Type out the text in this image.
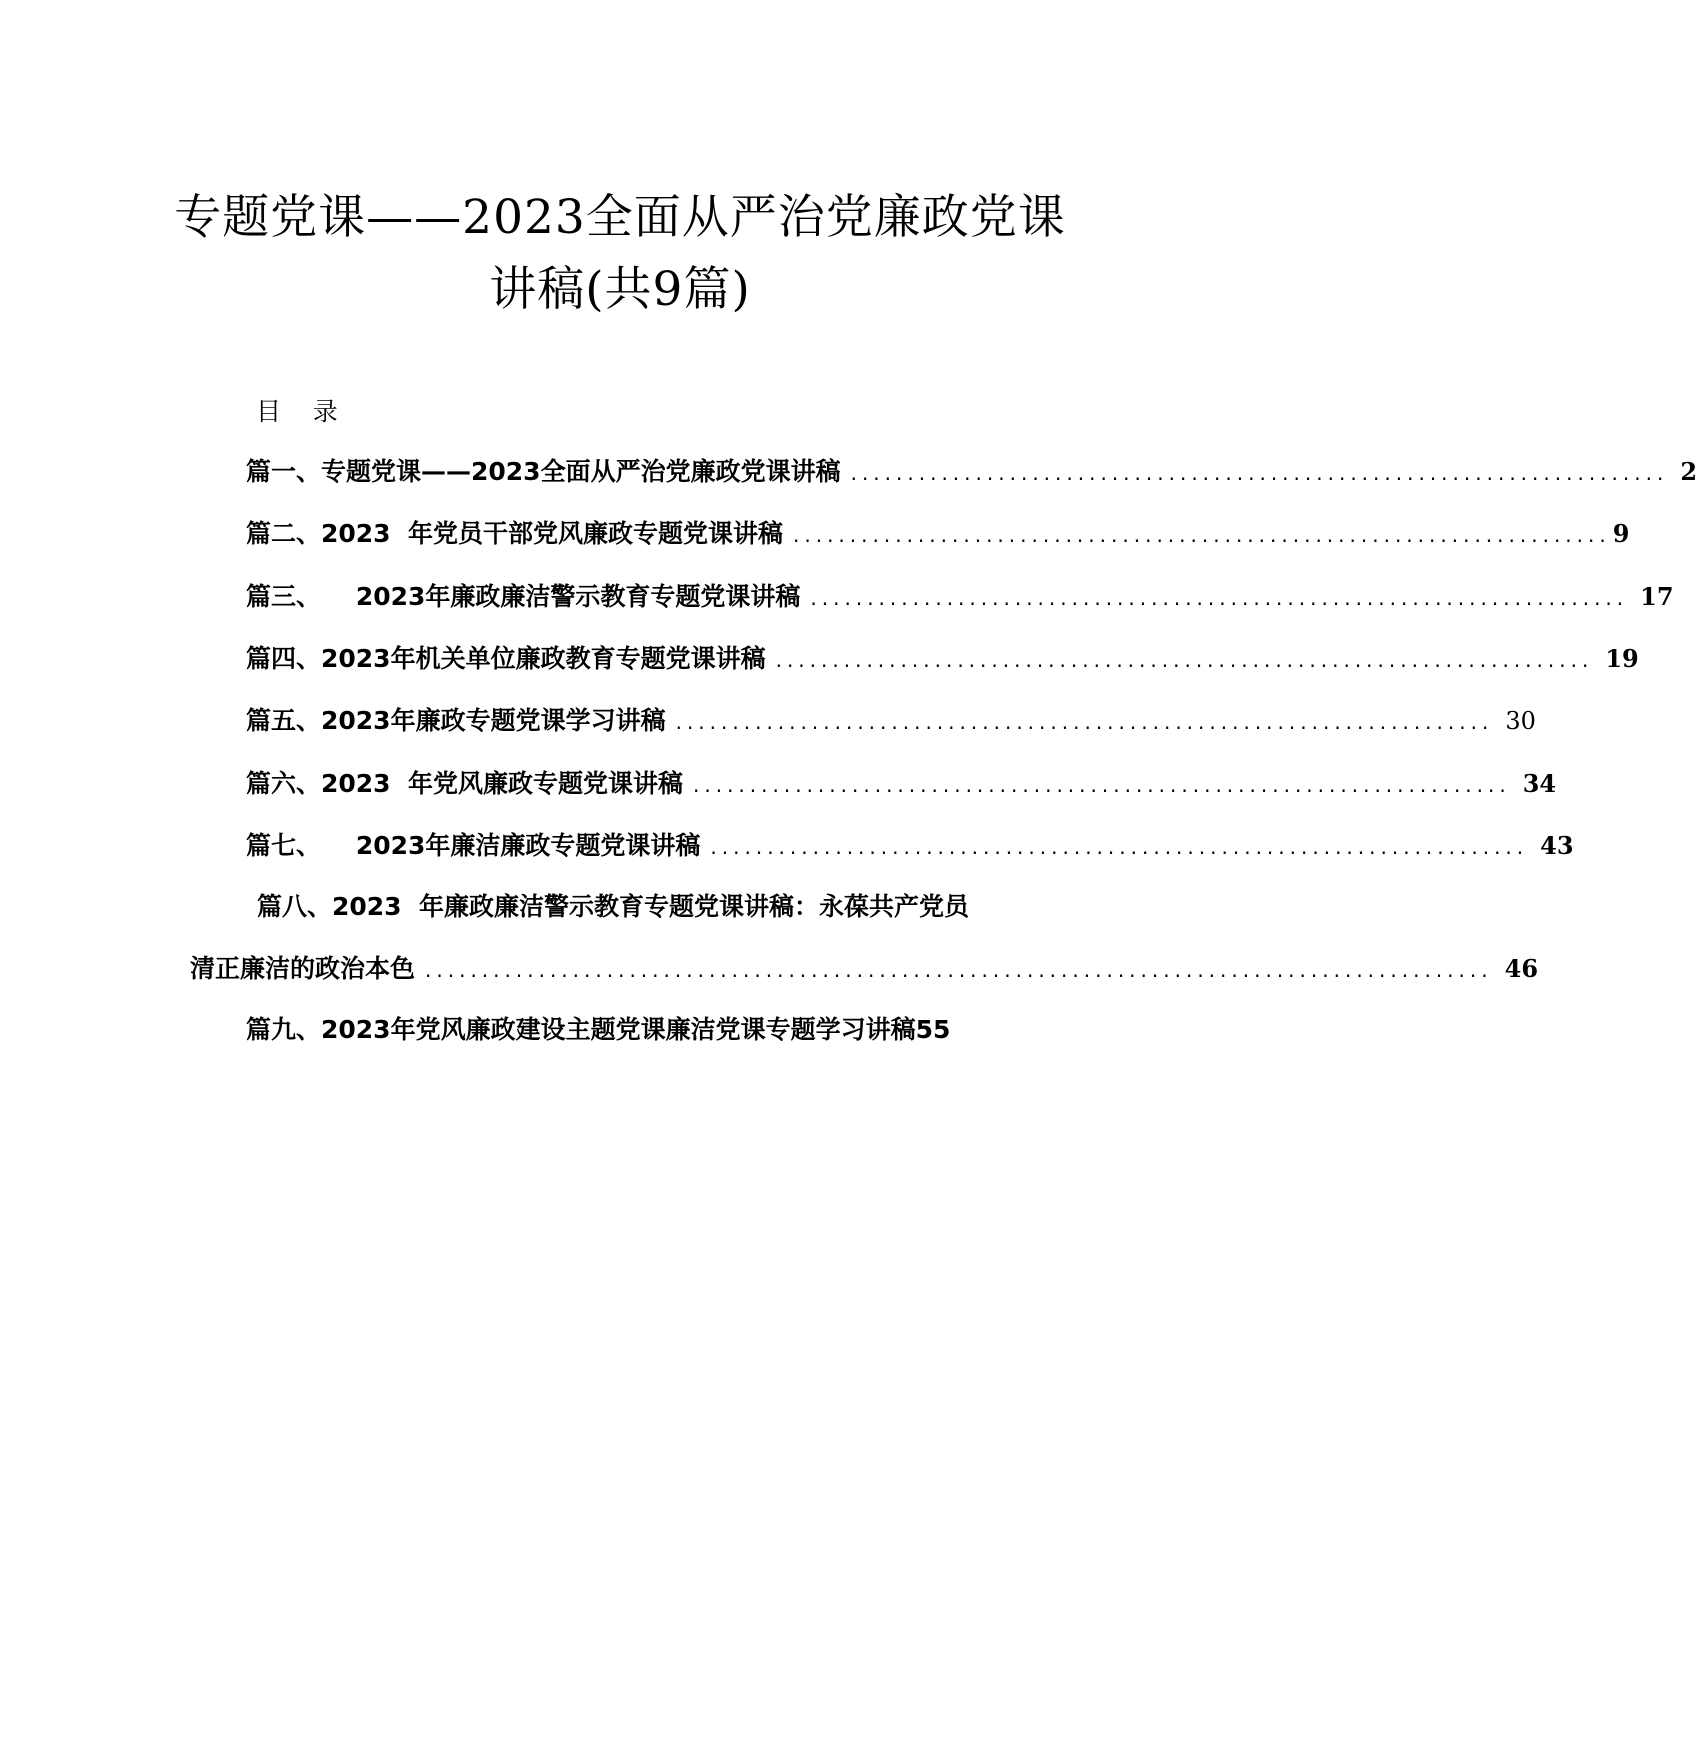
专题党课——2023全面从严治党廉政党课
讲稿(共9篇)
目    录
篇一、专题党课——2023全面从严治党廉政党课讲稿 ........................................................................ 2
篇二、2023  年党员干部党风廉政专题党课讲稿 ........................................................................ 9
篇三、    2023年廉政廉洁警示教育专题党课讲稿 ........................................................................ 17
篇四、2023年机关单位廉政教育专题党课讲稿 ........................................................................ 19
篇五、2023年廉政专题党课学习讲稿 ........................................................................ 30
篇六、2023  年党风廉政专题党课讲稿 ........................................................................ 34
篇七、    2023年廉洁廉政专题党课讲稿 ........................................................................ 43
篇八、2023  年廉政廉洁警示教育专题党课讲稿：永葆共产党员
清正廉洁的政治本色 .............................................................................................. 46
篇九、2023年党风廉政建设主题党课廉洁党课专题学习讲稿55
